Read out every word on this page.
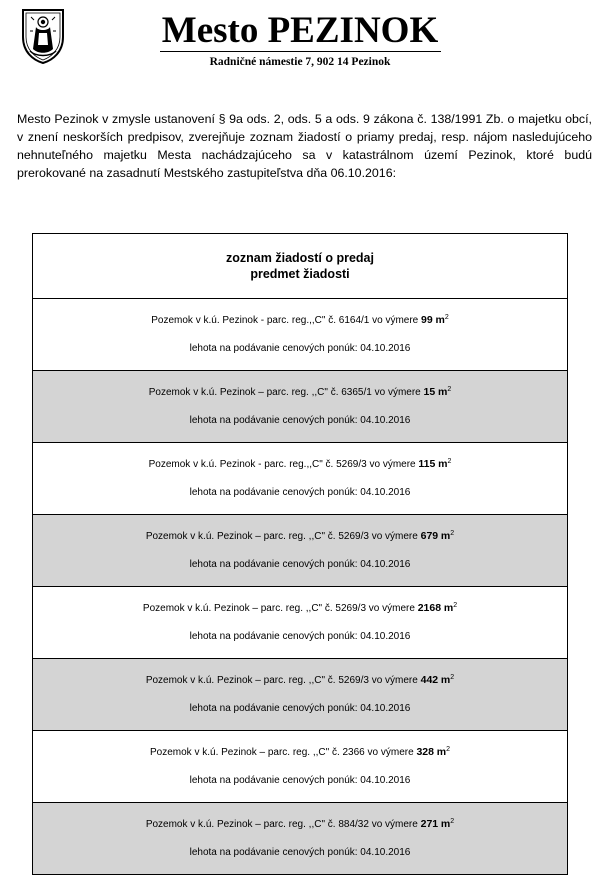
Mesto PEZINOK
Radničné námestie 7, 902 14 Pezinok

Mesto Pezinok v zmysle ustanovení § 9a ods. 2, ods. 5 a ods. 9 zákona č. 138/1991 Zb. o majetku obcí, v znení neskorších predpisov, zverejňuje zoznam žiadostí o priamy predaj, resp. nájom nasledujúceho nehnuteľného majetku Mesta nachádzajúceho sa v katastrálnom území Pezinok, ktoré budú prerokované na zasadnutí Mestského zastupiteľstva dňa 06.10.2016:

zoznam žiadostí o predaj
predmet žiadosti

Pozemok v k.ú. Pezinok - parc. reg.,,C" č. 6164/1 vo výmere 99 $m^2$
lehota na podávanie cenových ponúk: 04.10.2016

Pozemok v k.ú. Pezinok – parc. reg. ,,C" č. 6365/1 vo výmere 15 $m^2$
lehota na podávanie cenových ponúk: 04.10.2016

Pozemok v k.ú. Pezinok - parc. reg.,,C" č. 5269/3 vo výmere 115 $m^2$
lehota na podávanie cenových ponúk: 04.10.2016

Pozemok v k.ú. Pezinok – parc. reg. ,,C" č. 5269/3 vo výmere 679 $m^2$
lehota na podávanie cenových ponúk: 04.10.2016

Pozemok v k.ú. Pezinok – parc. reg. ,,C" č. 5269/3 vo výmere 2168 $m^2$
lehota na podávanie cenových ponúk: 04.10.2016

Pozemok v k.ú. Pezinok – parc. reg. ,,C" č. 5269/3 vo výmere 442 $m^2$
lehota na podávanie cenových ponúk: 04.10.2016

Pozemok v k.ú. Pezinok – parc. reg. ,,C" č. 2366 vo výmere 328 $m^2$
lehota na podávanie cenových ponúk: 04.10.2016

Pozemok v k.ú. Pezinok – parc. reg. ,,C" č. 884/32 vo výmere 271 $m^2$
lehota na podávanie cenových ponúk: 04.10.2016
